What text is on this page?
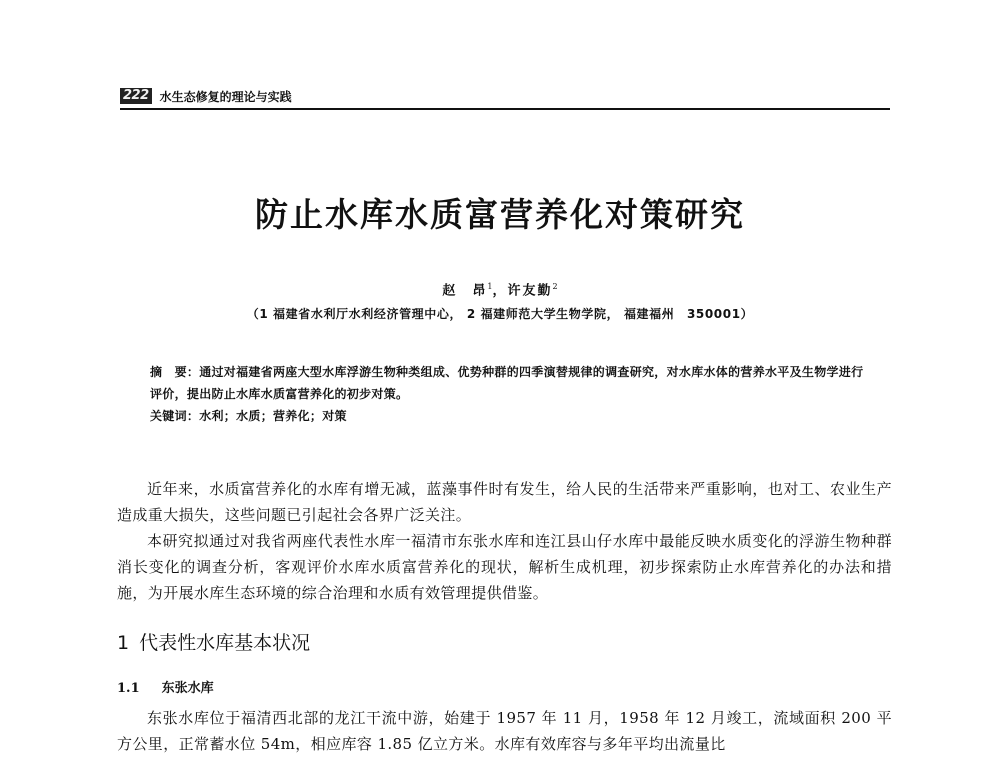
222 水生态修复的理论与实践
防止水库水质富营养化对策研究
赵　昂$^1$，许友勤$^2$
（1 福建省水利厅水利经济管理中心， 2 福建师范大学生物学院， 福建福州　350001）

摘　要：通过对福建省两座大型水库浮游生物种类组成、优势种群的四季演替规律的调查研究，对水库水体的营养水平及生物学进行评价，提出防止水库水质富营养化的初步对策。

关键词：水利；水质；营养化；对策

近年来，水质富营养化的水库有增无减，蓝藻事件时有发生，给人民的生活带来严重影响，也对工、农业生产造成重大损失，这些问题已引起社会各界广泛关注。

本研究拟通过对我省两座代表性水库一福清市东张水库和连江县山仔水库中最能反映水质变化的浮游生物种群消长变化的调查分析，客观评价水库水质富营养化的现状，解析生成机理，初步探索防止水库营养化的办法和措施，为开展水库生态环境的综合治理和水质有效管理提供借鉴。

1 代表性水库基本状况
1.1 东张水库

东张水库位于福清西北部的龙江干流中游，始建于 1957 年 11 月，1958 年 12 月竣工，流域面积 200 平方公里，正常蓄水位 54m，相应库容 1.85 亿立方米。水库有效库容与多年平均出流量比
